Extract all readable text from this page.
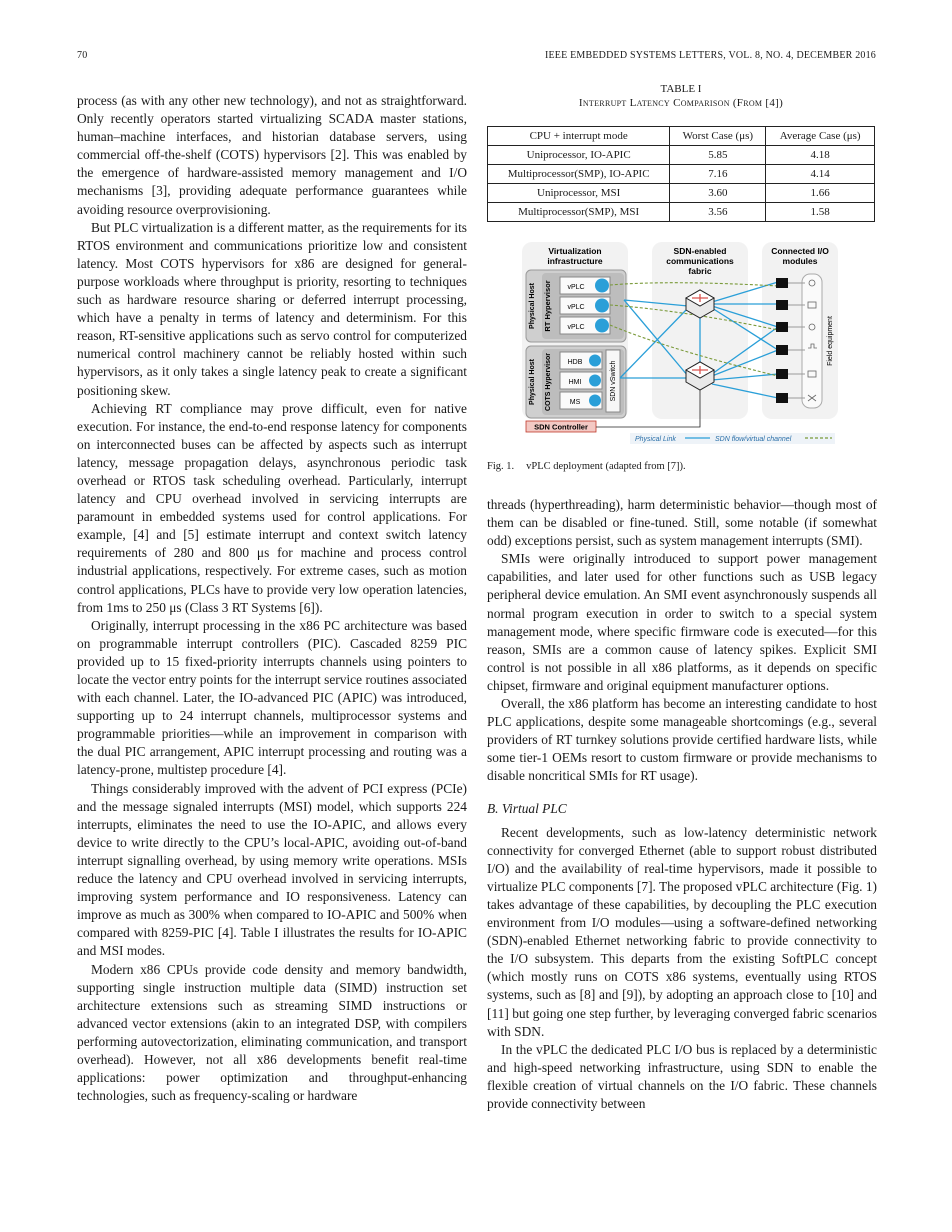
70	IEEE EMBEDDED SYSTEMS LETTERS, VOL. 8, NO. 4, DECEMBER 2016

process (as with any other new technology), and not as straightforward. Only recently operators started virtualizing SCADA master stations, human–machine interfaces, and historian database servers, using commercial off-the-shelf (COTS) hypervisors [2]. This was enabled by the emergence of hardware-assisted memory management and I/O mechanisms [3], providing adequate performance guarantees while avoiding resource overprovisioning.

But PLC virtualization is a different matter, as the requirements for its RTOS environment and communications prioritize low and consistent latency. Most COTS hypervisors for x86 are designed for general-purpose workloads where throughput is priority, resorting to techniques such as hardware resource sharing or deferred interrupt processing, which have a penalty in terms of latency and determinism. For this reason, RT-sensitive applications such as servo control for computerized numerical control machinery cannot be reliably hosted within such hypervisors, as it only takes a single latency peak to create a significant positioning skew.

Achieving RT compliance may prove difficult, even for native execution. For instance, the end-to-end response latency for components on interconnected buses can be affected by aspects such as interrupt latency, message propagation delays, asynchronous periodic task overhead or RTOS task scheduling overhead. Particularly, interrupt latency and CPU overhead involved in servicing interrupts are paramount in embedded systems used for control applications. For example, [4] and [5] estimate interrupt and context switch latency requirements of 280 and 800 μs for machine and process control industrial applications, respectively. For extreme cases, such as motion control applications, PLCs have to provide very low operation latencies, from 1ms to 250 μs (Class 3 RT Systems [6]).

Originally, interrupt processing in the x86 PC architecture was based on programmable interrupt controllers (PIC). Cascaded 8259 PIC provided up to 15 fixed-priority interrupts channels using pointers to locate the vector entry points for the interrupt service routines associated with each channel. Later, the IO-advanced PIC (APIC) was introduced, supporting up to 24 interrupt channels, multiprocessor systems and programmable priorities—while an improvement in comparison with the dual PIC arrangement, APIC interrupt processing and routing was a latency-prone, multistep procedure [4].

Things considerably improved with the advent of PCI express (PCIe) and the message signaled interrupts (MSI) model, which supports 224 interrupts, eliminates the need to use the IO-APIC, and allows every device to write directly to the CPU’s local-APIC, avoiding out-of-band interrupt signalling overhead, by using memory write operations. MSIs reduce the latency and CPU overhead involved in servicing interrupts, improving system performance and IO responsiveness. Latency can improve as much as 300% when compared to IO-APIC and 500% when compared with 8259-PIC [4]. Table I illustrates the results for IO-APIC and MSI modes.

Modern x86 CPUs provide code density and memory bandwidth, supporting single instruction multiple data (SIMD) instruction set architecture extensions such as streaming SIMD instructions or advanced vector extensions (akin to an integrated DSP, with compilers performing autovectorization, eliminating communication, and transport overhead). However, not all x86 developments benefit real-time applications: power optimization and throughput-enhancing technologies, such as frequency-scaling or hardware

TABLE I
Interrupt Latency Comparison (From [4])
CPU + interrupt mode	Worst Case (μs)	Average Case (μs)
Uniprocessor, IO-APIC	5.85	4.18
Multiprocessor(SMP), IO-APIC	7.16	4.14
Uniprocessor, MSI	3.60	1.66
Multiprocessor(SMP), MSI	3.56	1.58
Virtualization infrastructure
SDN-enabled communications fabric
Connected I/O modules
Physical Host RT Hypervisor vPLC
vPLC
vPLC
Physical Host COTS Hypervisor HDB
HMI
MS
SDN vSwitch
Field equipment
SDN Controller
Physical Link	SDN flow/virtual channel
Fig. 1. vPLC deployment (adapted from [7]).

threads (hyperthreading), harm deterministic behavior—though most of them can be disabled or fine-tuned. Still, some notable (if somewhat odd) exceptions persist, such as system management interrupts (SMI).

SMIs were originally introduced to support power management capabilities, and later used for other functions such as USB legacy peripheral device emulation. An SMI event asynchronously suspends all normal program execution in order to switch to a special system management mode, where specific firmware code is executed—for this reason, SMIs are a common cause of latency spikes. Explicit SMI control is not possible in all x86 platforms, as it depends on specific chipset, firmware and original equipment manufacturer options.

Overall, the x86 platform has become an interesting candidate to host PLC applications, despite some manageable shortcomings (e.g., several providers of RT turnkey solutions provide certified hardware lists, while some tier-1 OEMs resort to custom firmware or provide mechanisms to disable noncritical SMIs for RT usage).

B. Virtual PLC

Recent developments, such as low-latency deterministic network connectivity for converged Ethernet (able to support robust distributed I/O) and the availability of real-time hypervisors, made it possible to virtualize PLC components [7]. The proposed vPLC architecture (Fig. 1) takes advantage of these capabilities, by decoupling the PLC execution environment from I/O modules—using a software-defined networking (SDN)-enabled Ethernet networking fabric to provide connectivity to the I/O subsystem. This departs from the existing SoftPLC concept (which mostly runs on COTS x86 systems, eventually using RTOS systems, such as [8] and [9]), by adopting an approach close to [10] and [11] but going one step further, by leveraging converged fabric scenarios with SDN.

In the vPLC the dedicated PLC I/O bus is replaced by a deterministic and high-speed networking infrastructure, using SDN to enable the flexible creation of virtual channels on the I/O fabric. These channels provide connectivity between
